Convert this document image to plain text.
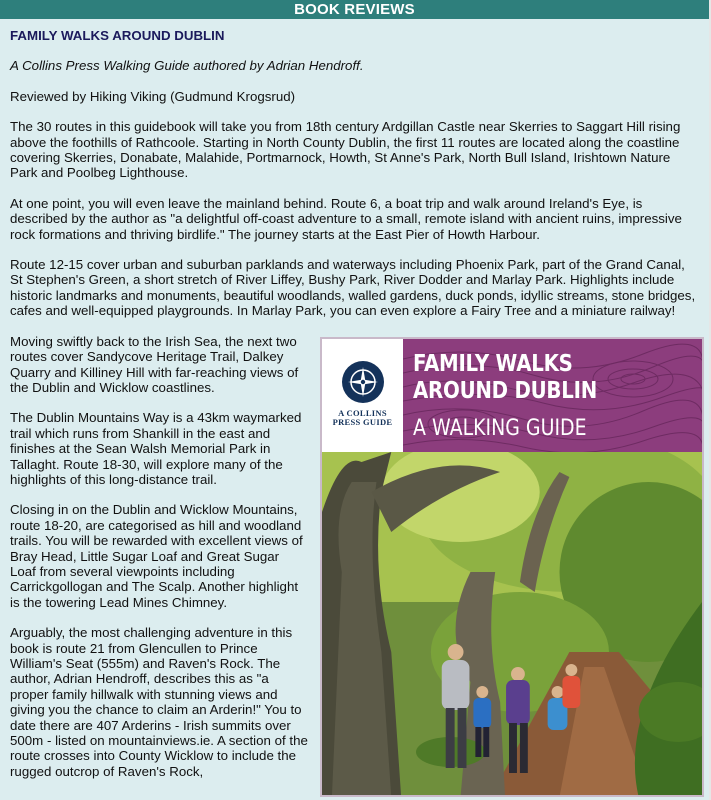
BOOK REVIEWS
FAMILY WALKS AROUND DUBLIN

A Collins Press Walking Guide authored by Adrian Hendroff.

Reviewed by Hiking Viking (Gudmund Krogsrud)

The 30 routes in this guidebook will take you from 18th century Ardgillan Castle near Skerries to Saggart Hill rising above the foothills of Rathcoole. Starting in North County Dublin, the first 11 routes are located along the coastline covering Skerries, Donabate, Malahide, Portmarnock, Howth, St Anne's Park, North Bull Island, Irishtown Nature Park and Poolbeg Lighthouse.

At one point, you will even leave the mainland behind. Route 6, a boat trip and walk around Ireland's Eye, is described by the author as "a delightful off-coast adventure to a small, remote island with ancient ruins, impressive rock formations and thriving birdlife." The journey starts at the East Pier of Howth Harbour.

Route 12-15 cover urban and suburban parklands and waterways including Phoenix Park, part of the Grand Canal, St Stephen's Green, a short stretch of River Liffey, Bushy Park, River Dodder and Marlay Park. Highlights include historic landmarks and monuments, beautiful woodlands, walled gardens, duck ponds, idyllic streams, stone bridges, cafes and well-equipped playgrounds. In Marlay Park, you can even explore a Fairy Tree and a miniature railway!

A COLLINS
PRESS GUIDE
FAMILY WALKS
AROUND DUBLIN
A WALKING GUIDE

Moving swiftly back to the Irish Sea, the next two routes cover Sandycove Heritage Trail, Dalkey Quarry and Killiney Hill with far-reaching views of the Dublin and Wicklow coastlines.

The Dublin Mountains Way is a 43km waymarked trail which runs from Shankill in the east and finishes at the Sean Walsh Memorial Park in Tallaght. Route 18-30, will explore many of the highlights of this long-distance trail.

Closing in on the Dublin and Wicklow Mountains, route 18-20, are categorised as hill and woodland trails. You will be rewarded with excellent views of Bray Head, Little Sugar Loaf and Great Sugar Loaf from several viewpoints including Carrickgollogan and The Scalp. Another highlight is the towering Lead Mines Chimney.

Arguably, the most challenging adventure in this book is route 21 from Glencullen to Prince William's Seat (555m) and Raven's Rock. The author, Adrian Hendroff, describes this as "a proper family hillwalk with stunning views and giving you the chance to claim an Arderin!" You to date there are 407 Arderins - Irish summits over 500m - listed on mountainviews.ie. A section of the route crosses into County Wicklow to include the rugged outcrop of Raven's Rock,
